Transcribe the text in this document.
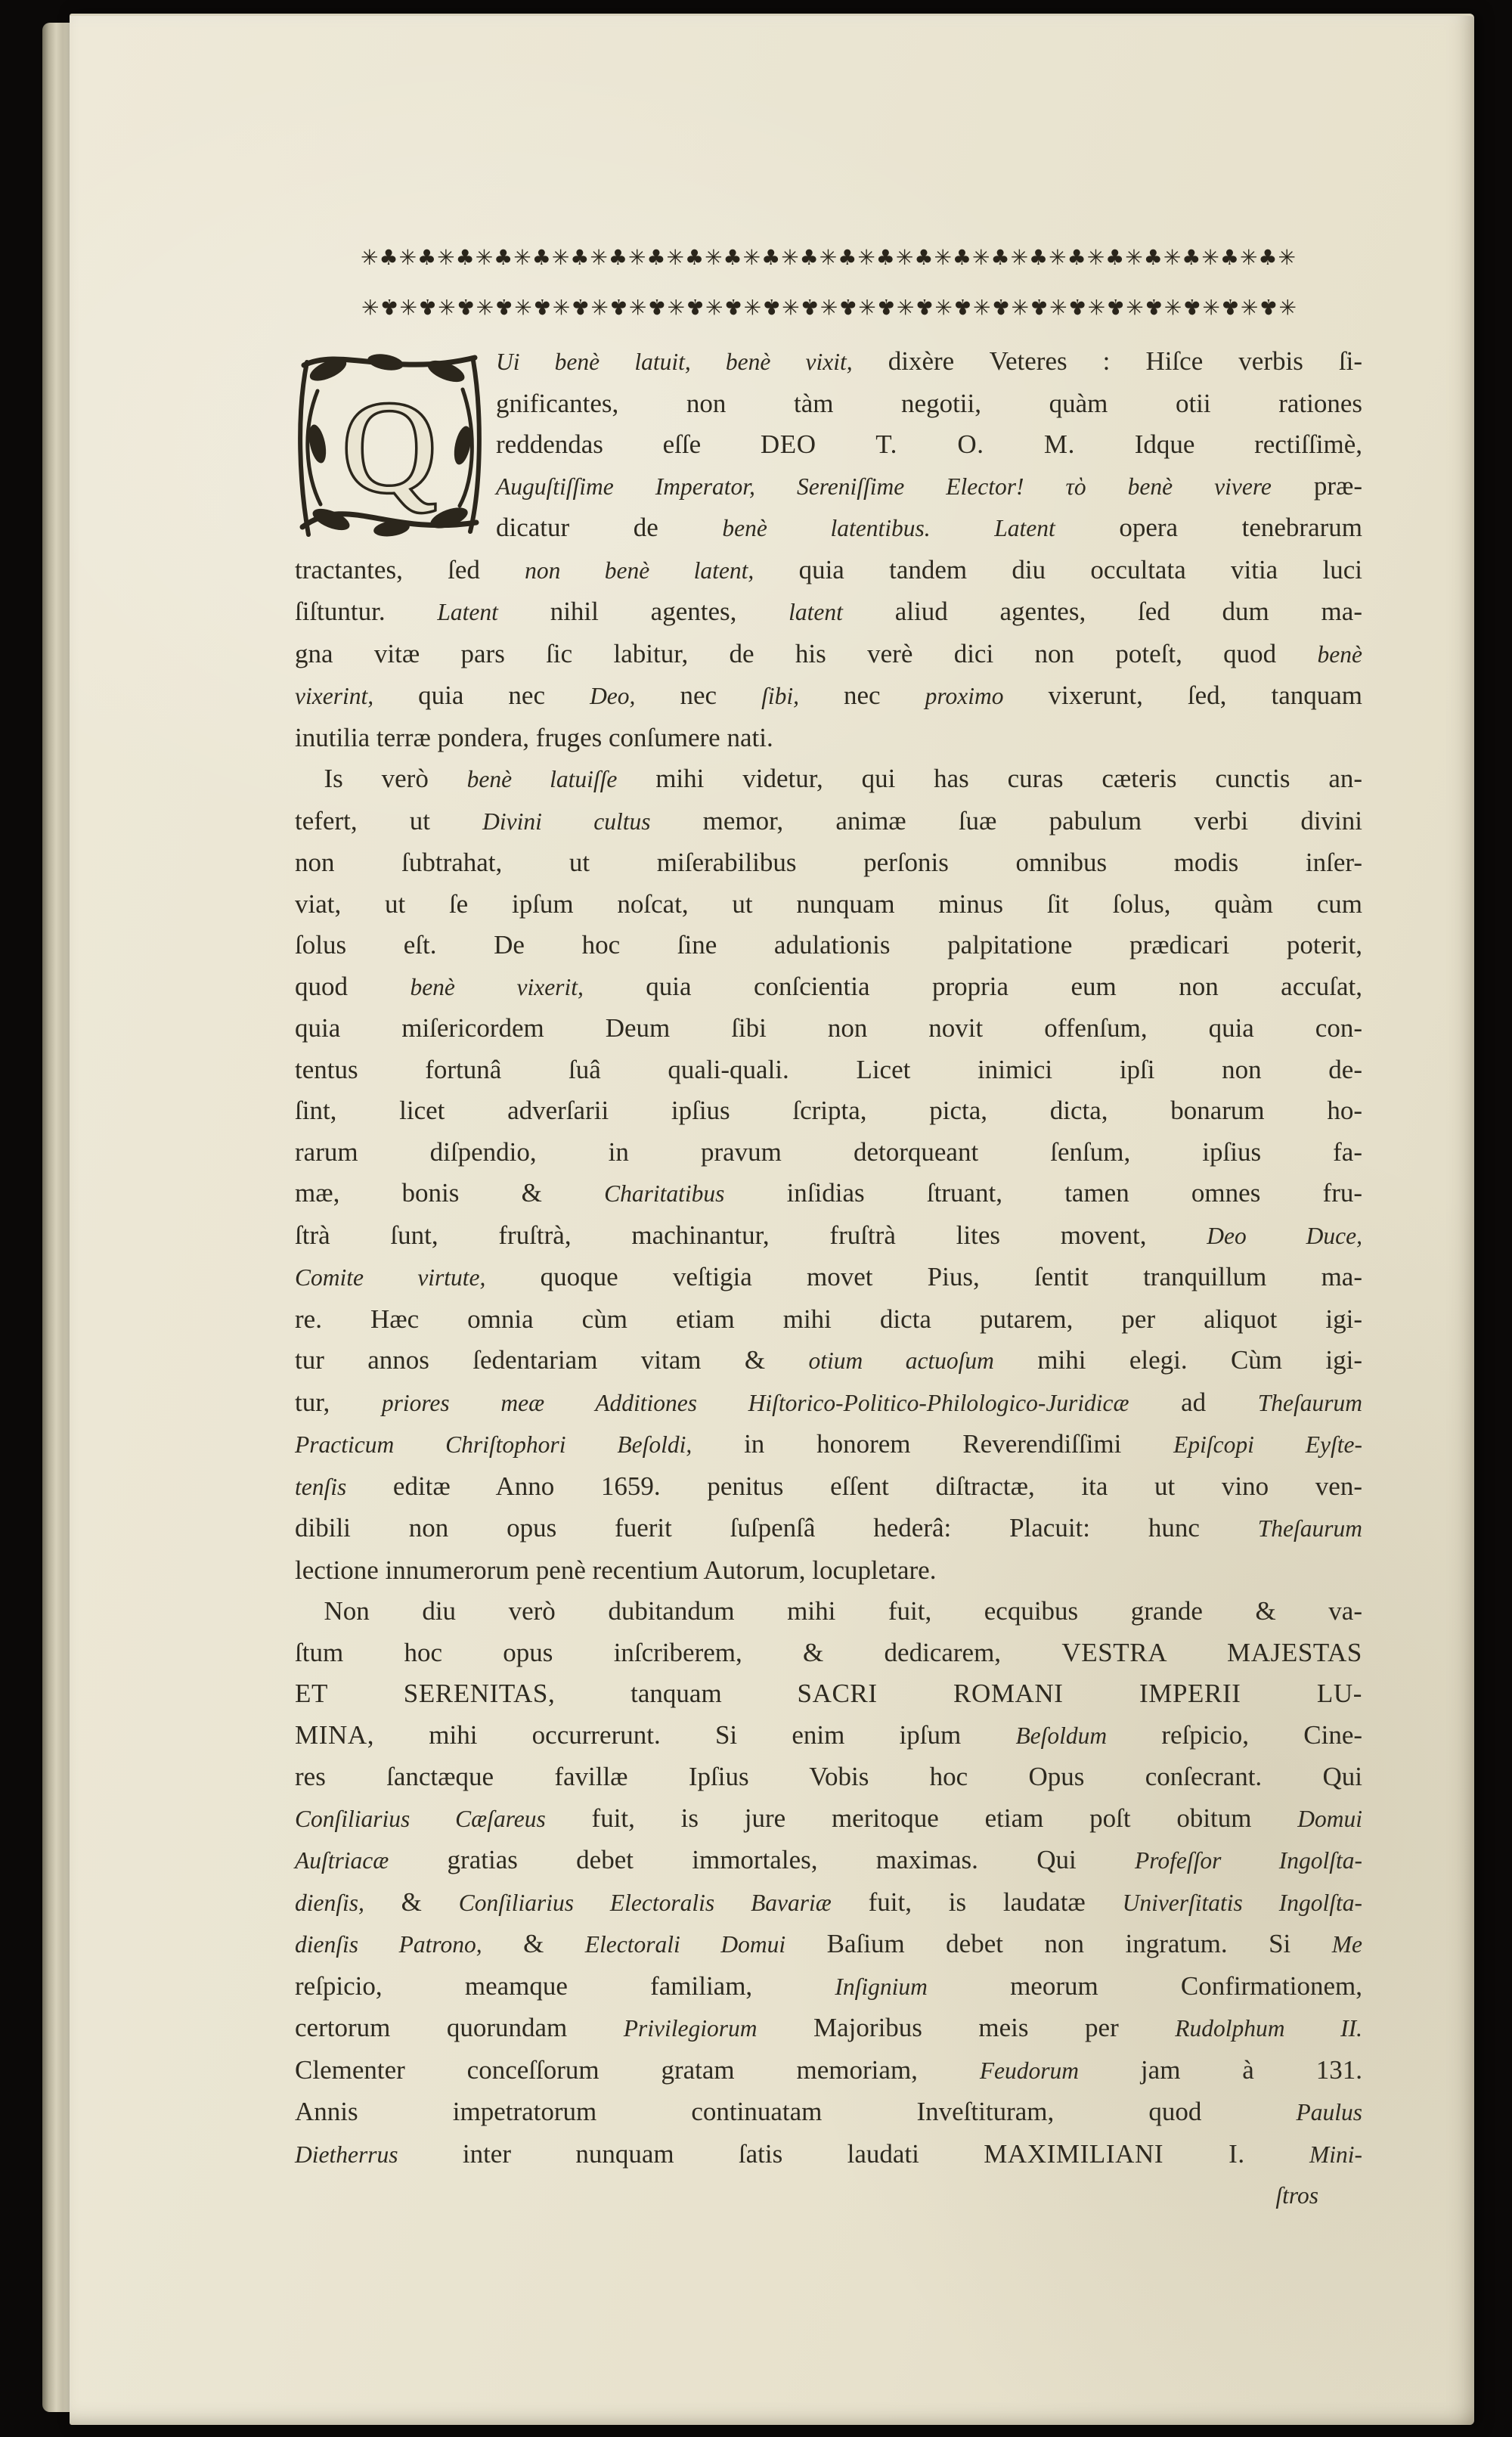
✳♣✳♣✳♣✳♣✳♣✳♣✳♣✳♣✳♣✳♣✳♣✳♣✳♣✳♣✳♣✳♣✳♣✳♣✳♣✳♣✳♣✳♣✳♣✳♣✳
✳♣✳♣✳♣✳♣✳♣✳♣✳♣✳♣✳♣✳♣✳♣✳♣✳♣✳♣✳♣✳♣✳♣✳♣✳♣✳♣✳♣✳♣✳♣✳♣✳
Q
Ui benè latuit, benè vixit, dixère Veteres : Hiſce verbis ſi-
gnificantes, non tàm negotii, quàm otii rationes
reddendas eſſe DEO T. O. M. Idque rectiſſimè,
Auguſtiſſime Imperator, Sereniſſime Elector! τὸ benè vivere præ-
dicatur de benè latentibus.	Latent opera tenebrarum
tractantes, ſed non benè latent, quia tandem diu occultata vitia luci
ſiſtuntur. Latent nihil agentes, latent aliud agentes, ſed dum ma-
gna vitæ pars ſic labitur, de his verè dici non poteſt, quod benè
vixerint, quia nec Deo, nec ſibi, nec proximo vixerunt, ſed, tanquam
inutilia terræ pondera, fruges conſumere nati.
Is verò benè latuiſſe mihi videtur, qui has curas cæteris cunctis an-
tefert, ut Divini cultus memor, animæ ſuæ pabulum verbi divini
non ſubtrahat, ut miſerabilibus perſonis omnibus modis inſer-
viat, ut ſe ipſum noſcat, ut nunquam minus ſit ſolus, quàm cum
ſolus eſt. De hoc ſine adulationis palpitatione prædicari poterit,
quod benè vixerit, quia conſcientia propria eum non accuſat,
quia miſericordem Deum ſibi non novit offenſum, quia con-
tentus fortunâ ſuâ quali-quali. Licet inimici ipſi non de-
ſint, licet adverſarii ipſius ſcripta, picta, dicta, bonarum ho-
rarum diſpendio, in pravum detorqueant ſenſum, ipſius fa-
mæ, bonis & Charitatibus inſidias ſtruant, tamen omnes fru-
ſtrà ſunt, fruſtrà, machinantur, fruſtrà lites movent, Deo Duce,
Comite virtute, quoque veſtigia movet Pius, ſentit tranquillum ma-
re. Hæc omnia cùm etiam mihi dicta putarem, per aliquot igi-
tur annos ſedentariam vitam & otium actuoſum mihi elegi. Cùm igi-
tur, priores meæ Additiones Hiſtorico-Politico-Philologico-Juridicæ ad Theſaurum
Practicum Chriſtophori Beſoldi, in honorem Reverendiſſimi Epiſcopi Eyſte-
tenſis editæ Anno 1659. penitus eſſent diſtractæ, ita ut vino ven-
dibili non opus fuerit ſuſpenſâ hederâ: Placuit: hunc Theſaurum
lectione innumerorum penè recentium Autorum, locupletare.
Non diu verò dubitandum mihi fuit, ecquibus grande & va-
ſtum hoc opus inſcriberem, & dedicarem, VESTRA MAJESTAS
ET SERENITAS, tanquam SACRI ROMANI IMPERII LU-
MINA, mihi occurrerunt. Si enim ipſum Beſoldum reſpicio, Cine-
res ſanctæque favillæ Ipſius Vobis hoc Opus conſecrant. Qui
Conſiliarius Cæſareus fuit, is jure meritoque etiam poſt obitum Domui
Auſtriacæ gratias debet immortales, maximas. Qui Profeſſor Ingolſta-
dienſis, & Conſiliarius Electoralis Bavariæ fuit, is laudatæ Univerſitatis Ingolſta-
dienſis Patrono, & Electorali Domui Baſium debet non ingratum. Si Me
reſpicio, meamque familiam, Inſignium meorum Confirmationem,
certorum quorundam Privilegiorum Majoribus meis per Rudolphum II.
Clementer conceſſorum gratam memoriam, Feudorum jam à 131.
Annis impetratorum continuatam Inveſtituram, quod Paulus
Dietherrus inter nunquam ſatis laudati MAXIMILIANI I.	Mini-
ſtros
